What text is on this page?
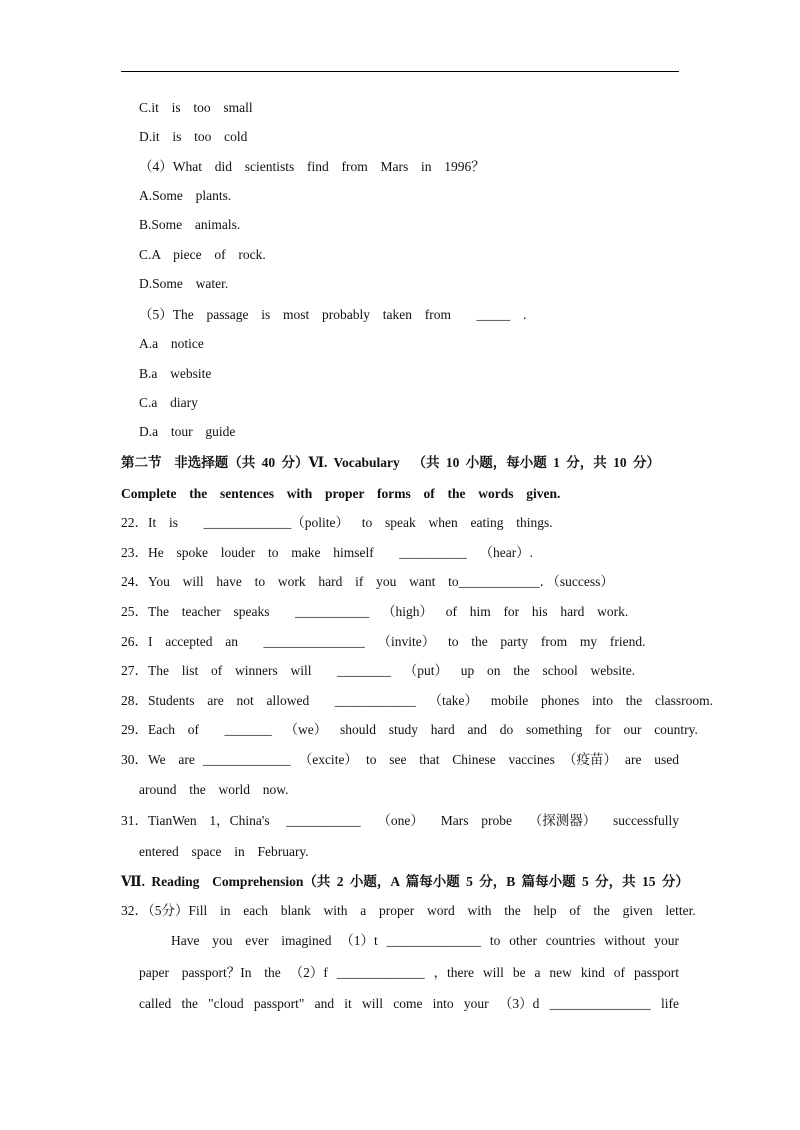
C.it  is  too  small
D.it  is  too  cold
（4）What  did  scientists  find  from  Mars  in  1996？
A.Some  plants.
B.Some  animals.
C.A  piece  of  rock.
D.Some  water.
（5）The  passage  is  most  probably  taken  from    _____  .
A.a  notice
B.a  website
C.a  diary
D.a  tour  guide
第二节  非选择题（共 40 分）Ⅵ. Vocabulary  （共 10 小题，每小题 1 分，共 10 分）
Complete  the  sentences  with  proper  forms  of  the  words  given.
22．It  is    _____________（polite）  to  speak  when  eating  things.
23．He  spoke  louder  to  make  himself    __________  （hear）.
24．You  will  have  to  work  hard  if  you  want  to____________．（success）
25．The  teacher  speaks    ___________  （high）  of  him  for  his  hard  work.
26．I  accepted  an    _______________  （invite）  to  the  party  from  my  friend.
27．The  list  of  winners  will    ________  （put）  up  on  the  school  website.
28．Students  are  not  allowed    ____________  （take）  mobile  phones  into  the  classroom.
29．Each  of    _______  （we）  should  study  hard  and  do  something  for  our  country.
30．We  are _____________ （excite） to  see  that  Chinese  vaccines （疫苗） are  used
around  the  world  now.
31．TianWen  1，China's ___________ （one） Mars  probe （探测器） successfully
entered  space  in  February.
Ⅶ. Reading  Comprehension（共 2 小题，A 篇每小题 5 分，B 篇每小题 5 分，共 15 分）
32．（5分）Fill  in  each  blank  with  a  proper  word  with  the  help  of  the  given  letter.
Have  you  ever  imagined （1）t ______________ to other countries without your
paper  passport？In  the （2）f _____________ ，there will be a new kind of passport
called the "cloud passport" and it will come into your （3）d _______________ life
